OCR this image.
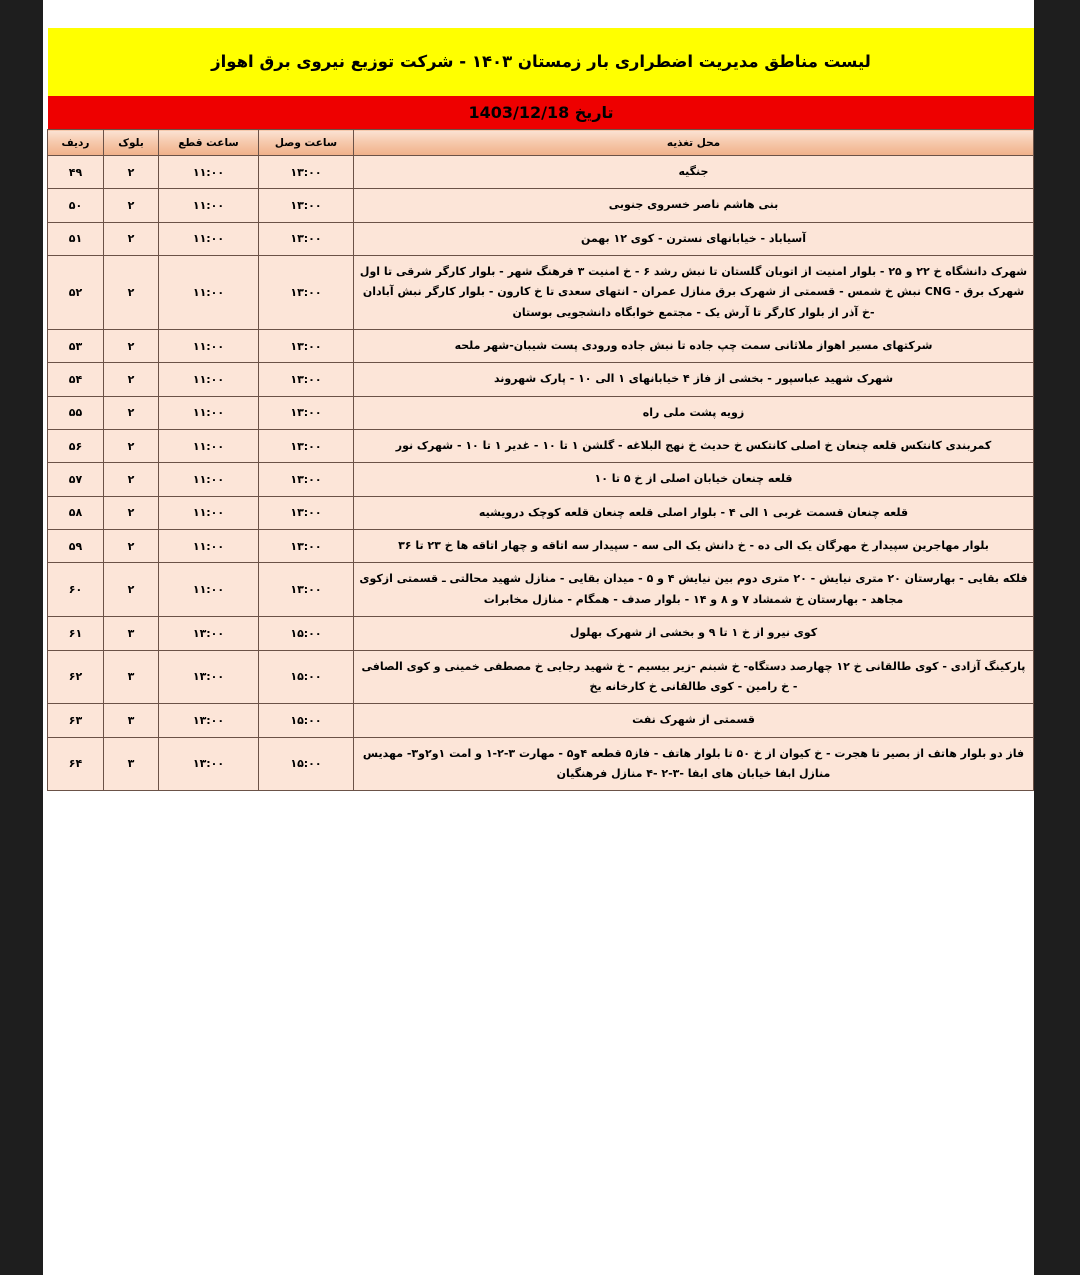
لیست مناطق مدیریت اضطراری بار زمستان ۱۴۰۳ - شرکت توزیع نیروی برق اهواز
تاریخ 1403/12/18
محل تغذیه	ساعت وصل	ساعت قطع	بلوک	ردیف
جنگیه	۱۳:۰۰	۱۱:۰۰	۲	۴۹
بنی هاشم ناصر خسروی جنوبی	۱۳:۰۰	۱۱:۰۰	۲	۵۰
آسیاباد - خیابانهای نسترن - کوی ۱۲ بهمن	۱۳:۰۰	۱۱:۰۰	۲	۵۱
شهرک دانشگاه خ ۲۲ و ۲۵ - بلوار امنیت از اتوبان گلستان تا نبش رشد ۶ - خ امنیت ۳ فرهنگ شهر - بلوار کارگر شرقی تا اول شهرک برق - CNG نبش خ شمس - قسمتی از شهرک برق منازل عمران - انتهای سعدی تا خ کارون - بلوار کارگر نبش آبادان -خ آذر از بلوار کارگر تا آرش یک - مجتمع خوابگاه دانشجویی بوستان	۱۳:۰۰	۱۱:۰۰	۲	۵۲
شرکتهای مسیر اهواز ملاثانی سمت چپ جاده تا نبش جاده ورودی پست شیبان-شهر ملحه	۱۳:۰۰	۱۱:۰۰	۲	۵۳
شهرک شهید عباسپور - بخشی از فاز ۴ خیابانهای ۱ الی ۱۰ - پارک شهروند	۱۳:۰۰	۱۱:۰۰	۲	۵۴
زویه پشت ملی راه	۱۳:۰۰	۱۱:۰۰	۲	۵۵
کمربندی کانتکس قلعه چنعان خ اصلی کانتکس خ حدیث خ نهج البلاغه - گلشن ۱ تا ۱۰ - غدیر ۱ تا ۱۰ - شهرک نور	۱۳:۰۰	۱۱:۰۰	۲	۵۶
قلعه چنعان خیابان اصلی از خ ۵ تا ۱۰	۱۳:۰۰	۱۱:۰۰	۲	۵۷
قلعه چنعان قسمت غربی ۱ الی ۴ - بلوار اصلی قلعه چنعان قلعه کوچک درویشیه	۱۳:۰۰	۱۱:۰۰	۲	۵۸
بلوار مهاجرین سپیدار خ مهرگان یک الی ده - خ دانش یک الی سه - سپیدار سه اتاقه و چهار اتاقه ها خ ۲۳ تا ۳۶	۱۳:۰۰	۱۱:۰۰	۲	۵۹
فلکه بقایی - بهارستان ۲۰ متری نیایش - ۲۰ متری دوم بین نیایش ۴ و ۵ - میدان بقایی - منازل شهید محالتی ـ قسمتی ازکوی مجاهد - بهارستان خ شمشاد ۷ و ۸ و ۱۴ - بلوار صدف - همگام - منازل مخابرات	۱۳:۰۰	۱۱:۰۰	۲	۶۰
کوی نیرو از خ ۱ تا ۹ و بخشی از شهرک بهلول	۱۵:۰۰	۱۳:۰۰	۳	۶۱
پارکینگ آزادی - کوی طالقانی خ ۱۲ چهارصد دستگاه- خ شبنم -زیر بیسیم - خ شهید رجایی خ مصطفی خمینی و کوی الصافی - خ رامین - کوی طالقانی خ کارخانه یخ	۱۵:۰۰	۱۳:۰۰	۳	۶۲
قسمتی از شهرک نفت	۱۵:۰۰	۱۳:۰۰	۳	۶۳
فاز دو بلوار هاتف از بصیر تا هجرت - خ کیوان از خ ۵۰ تا بلوار هاتف - فاز۵ قطعه ۴و۵ - مهارت ۳-۲-۱ و امت ۱و۲و۳- مهدیس منازل ابفا خیابان های ابفا -۳-۲ -۴ منازل فرهنگیان	۱۵:۰۰	۱۳:۰۰	۳	۶۴
